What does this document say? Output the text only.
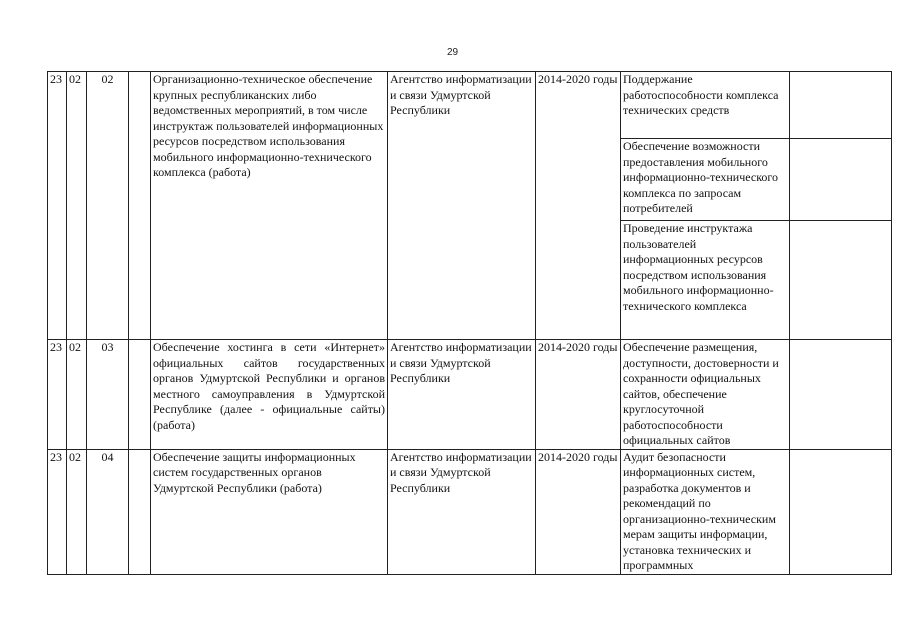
29
23	02	02		Организационно-техническое обеспечение крупных республиканских либо ведомственных мероприятий, в том числе инструктаж пользователей информационных ресурсов посредством использования мобильного информационно-технического комплекса (работа)	Агентство информатизации и связи Удмуртской Республики	2014-2020 годы	Поддержание работоспособности комплекса технических средств	
							Обеспечение возможности предоставления мобильного информационно-технического комплекса по запросам потребителей	
							Проведение инструктажа пользователей информационных ресурсов посредством использования мобильного информационно-технического комплекса	

23	02	03		Обеспечение хостинга в сети «Интернет» официальных сайтов государственных органов Удмуртской Республики и органов местного самоуправления в Удмуртской Республике (далее - официальные сайты) (работа)	Агентство информатизации и связи Удмуртской Республики	2014-2020 годы	Обеспечение размещения, доступности, достоверности и сохранности официальных сайтов, обеспечение круглосуточной работоспособности официальных сайтов	
23	02	04		Обеспечение защиты информационных систем государственных органов Удмуртской Республики (работа)	Агентство информатизации и связи Удмуртской Республики	2014-2020 годы	Аудит безопасности информационных систем, разработка документов и рекомендаций по организационно-техническим мерам защиты информации, установка технических и программных	
